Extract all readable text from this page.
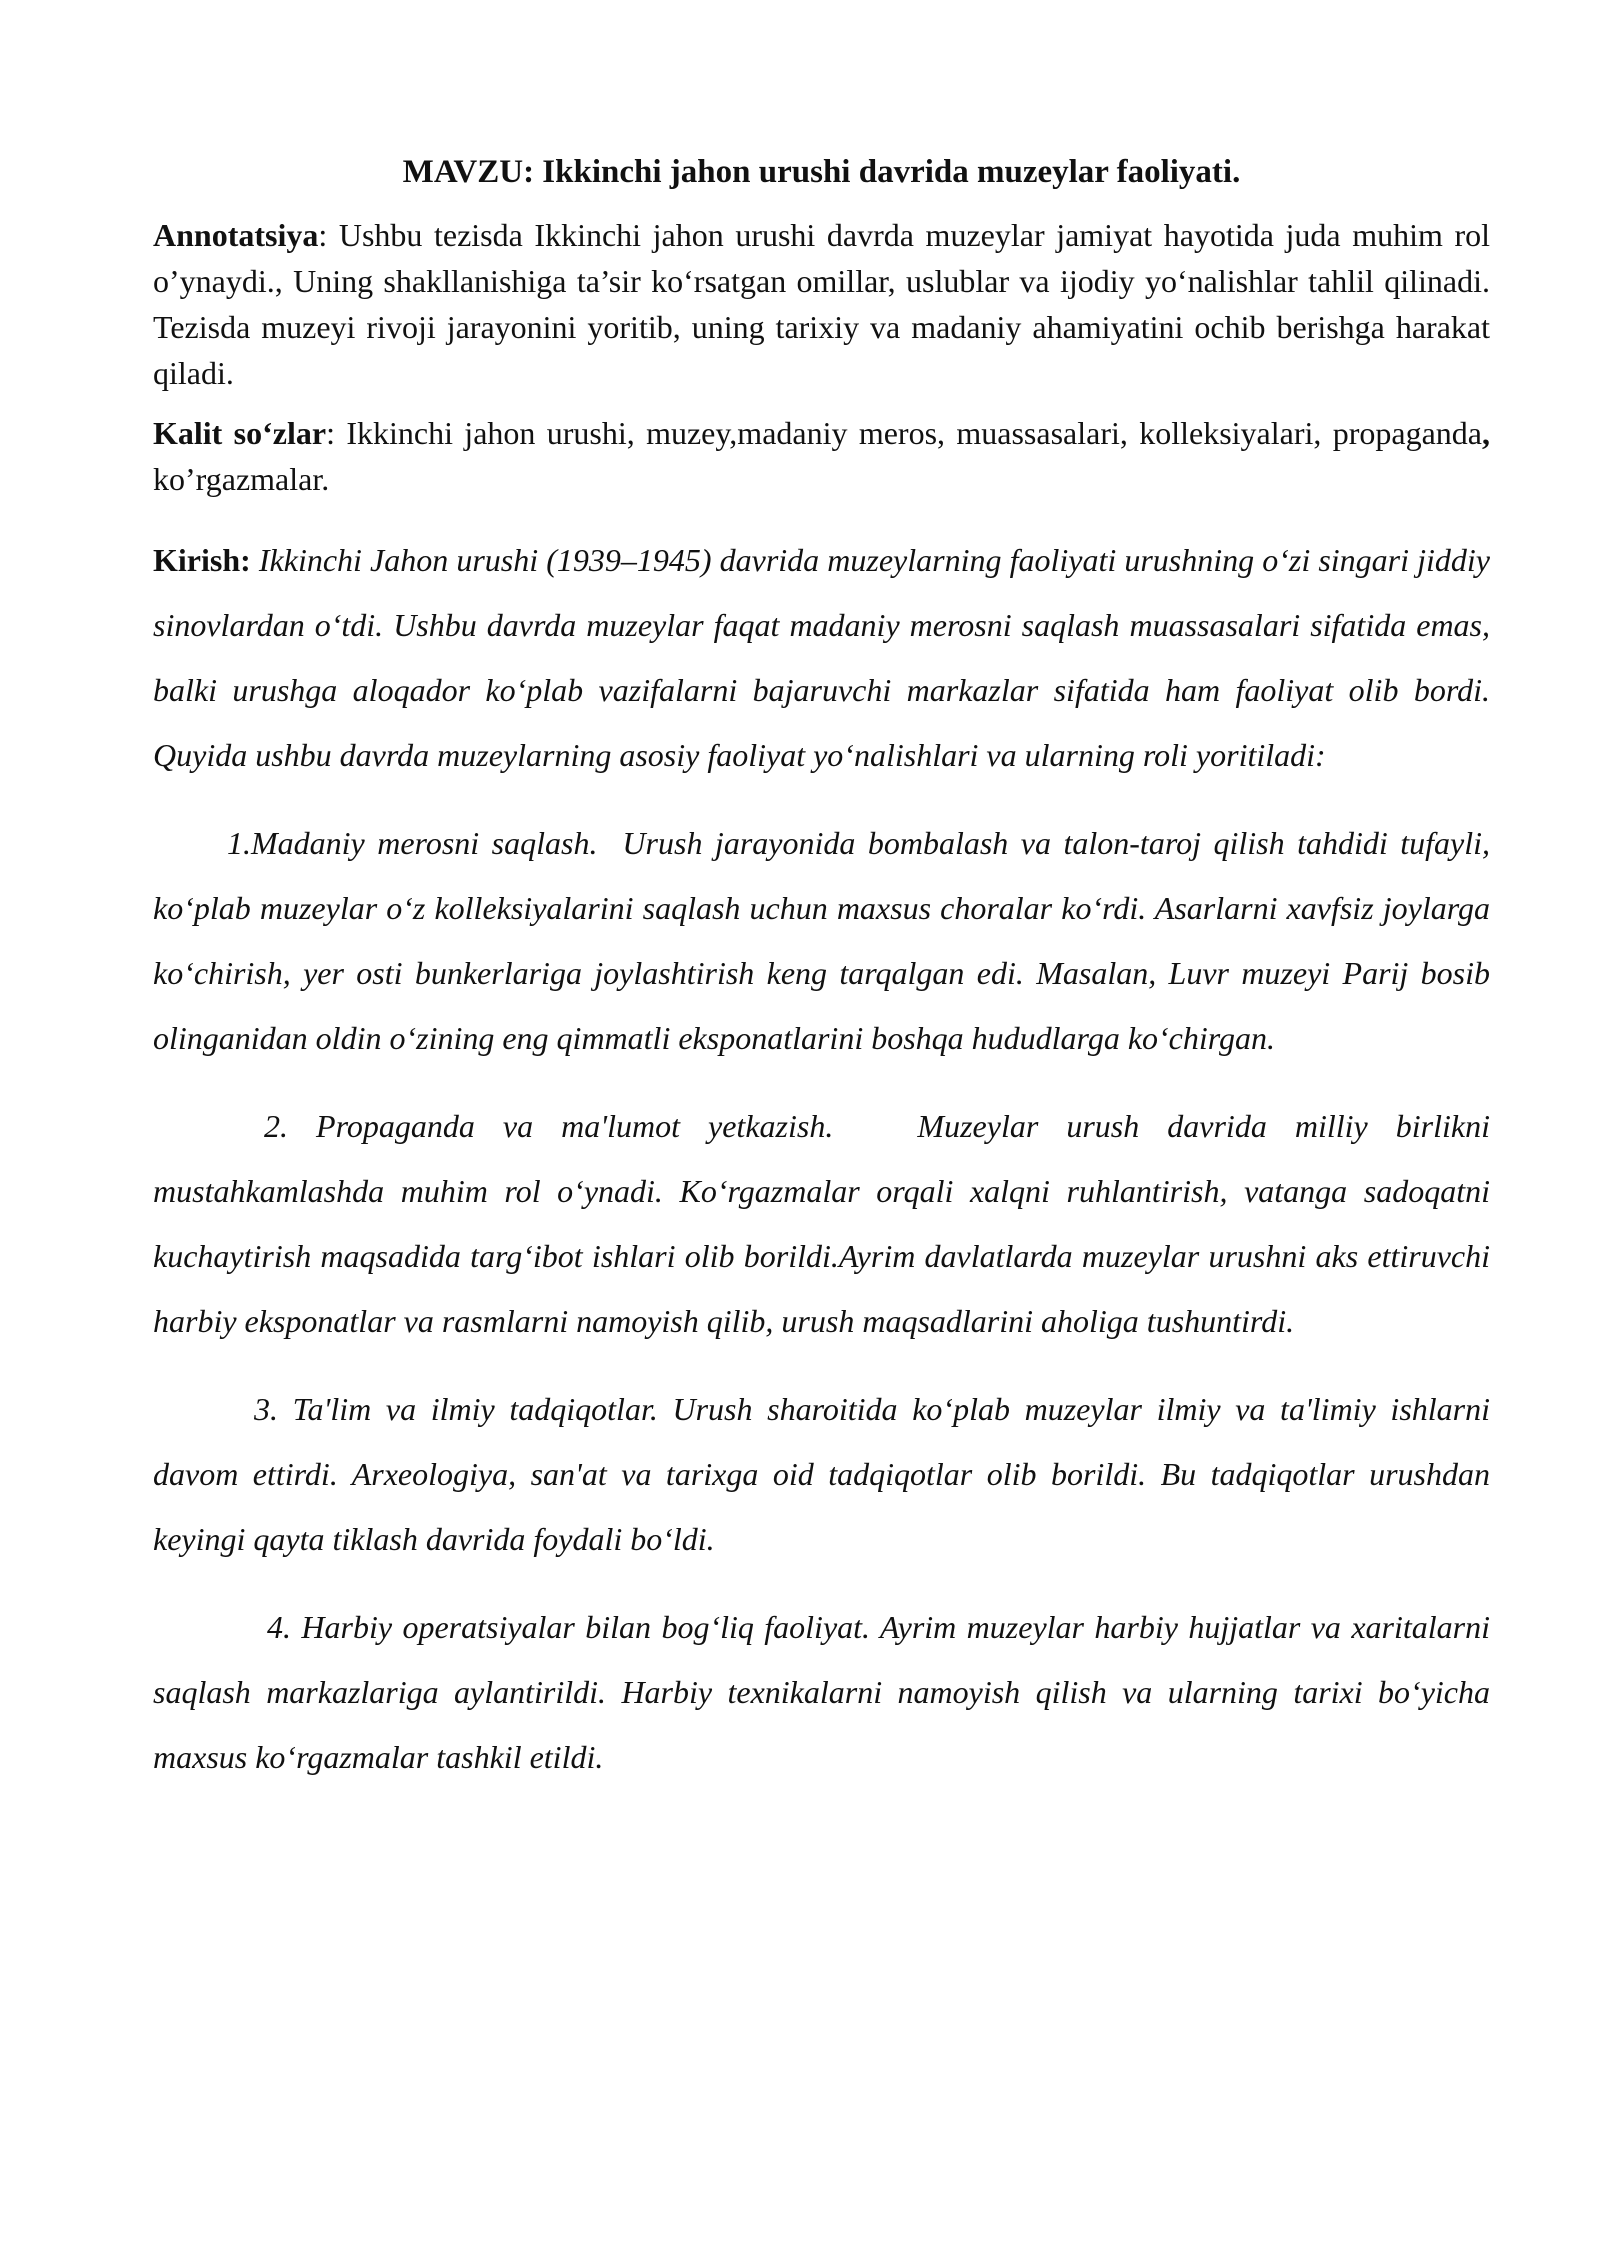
MAVZU: Ikkinchi jahon urushi davrida muzeylar faoliyati.

Annotatsiya: Ushbu tezisda Ikkinchi jahon urushi davrda muzeylar jamiyat hayotida juda muhim rol o’ynaydi., Uning shakllanishiga ta’sir koʻrsatgan omillar, uslublar va ijodiy yoʻnalishlar tahlil qilinadi. Tezisda muzeyi rivoji jarayonini yoritib, uning tarixiy va madaniy ahamiyatini ochib berishga harakat qiladi.

Kalit soʻzlar: Ikkinchi jahon urushi, muzey,madaniy meros, muassasalari, kolleksiyalari, propaganda, ko’rgazmalar.

Kirish: Ikkinchi Jahon urushi (1939–1945) davrida muzeylarning faoliyati urushning oʻzi singari jiddiy sinovlardan oʻtdi. Ushbu davrda muzeylar faqat madaniy merosni saqlash muassasalari sifatida emas, balki urushga aloqador koʻplab vazifalarni bajaruvchi markazlar sifatida ham faoliyat olib bordi. Quyida ushbu davrda muzeylarning asosiy faoliyat yoʻnalishlari va ularning roli yoritiladi:

1.Madaniy merosni saqlash.  Urush jarayonida bombalash va talon-taroj qilish tahdidi tufayli, koʻplab muzeylar oʻz kolleksiyalarini saqlash uchun maxsus choralar koʻrdi. Asarlarni xavfsiz joylarga koʻchirish, yer osti bunkerlariga joylashtirish keng tarqalgan edi. Masalan, Luvr muzeyi Parij bosib olinganidan oldin oʻzining eng qimmatli eksponatlarini boshqa hududlarga koʻchirgan.

2. Propaganda va ma'lumot yetkazish.   Muzeylar urush davrida milliy birlikni mustahkamlashda muhim rol oʻynadi. Koʻrgazmalar orqali xalqni ruhlantirish, vatanga sadoqatni kuchaytirish maqsadida targʻibot ishlari olib borildi.Ayrim davlatlarda muzeylar urushni aks ettiruvchi harbiy eksponatlar va rasmlarni namoyish qilib, urush maqsadlarini aholiga tushuntirdi.

3. Ta'lim va ilmiy tadqiqotlar. Urush sharoitida koʻplab muzeylar ilmiy va ta'limiy ishlarni davom ettirdi. Arxeologiya, san'at va tarixga oid tadqiqotlar olib borildi. Bu tadqiqotlar urushdan keyingi qayta tiklash davrida foydali boʻldi.

4. Harbiy operatsiyalar bilan bogʻliq faoliyat. Ayrim muzeylar harbiy hujjatlar va xaritalarni saqlash markazlariga aylantirildi. Harbiy texnikalarni namoyish qilish va ularning tarixi boʻyicha maxsus koʻrgazmalar tashkil etildi.
